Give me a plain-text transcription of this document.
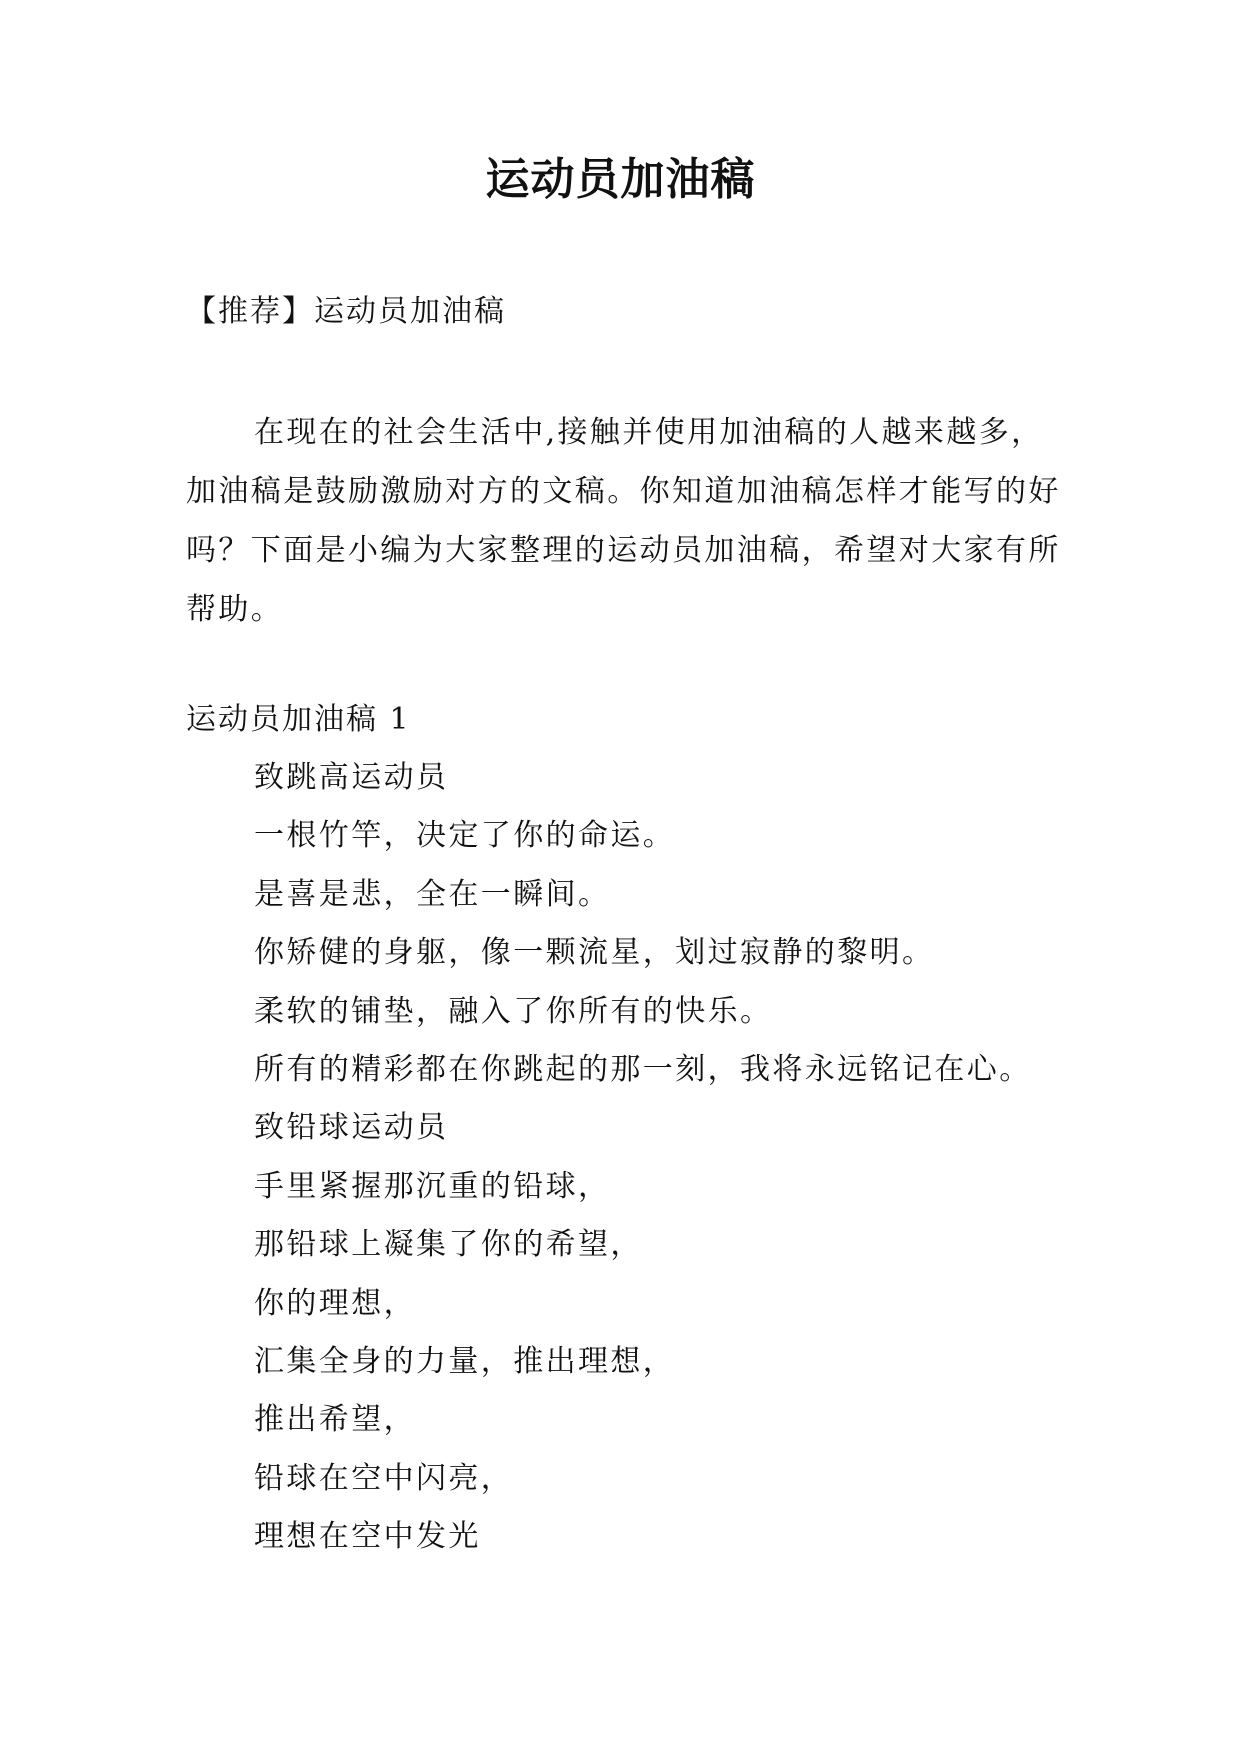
运动员加油稿
【推荐】运动员加油稿

在现在的社会生活中,接触并使用加油稿的人越来越多，加油稿是鼓励激励对方的文稿。你知道加油稿怎样才能写的好吗？下面是小编为大家整理的运动员加油稿，希望对大家有所帮助。

运动员加油稿 1
致跳高运动员
一根竹竿，决定了你的命运。
是喜是悲，全在一瞬间。
你矫健的身躯，像一颗流星，划过寂静的黎明。
柔软的铺垫，融入了你所有的快乐。
所有的精彩都在你跳起的那一刻，我将永远铭记在心。
致铅球运动员
手里紧握那沉重的铅球，
那铅球上凝集了你的希望，
你的理想，
汇集全身的力量，推出理想，
推出希望，
铅球在空中闪亮，
理想在空中发光
